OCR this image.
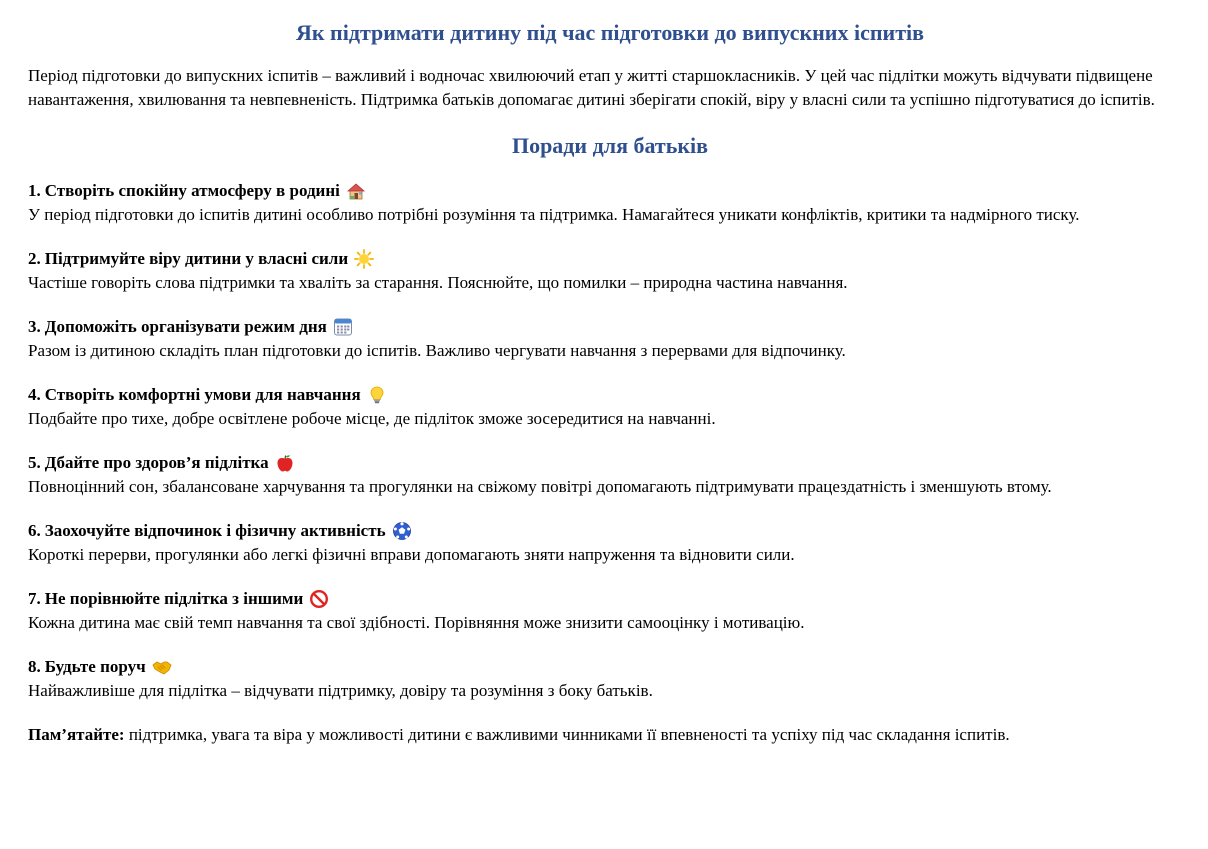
Як підтримати дитину під час підготовки до випускних іспитів

Період підготовки до випускних іспитів – важливий і водночас хвилюючий етап у житті старшокласників. У цей час підлітки можуть відчувати підвищене навантаження, хвилювання та невпевненість. Підтримка батьків допомагає дитині зберігати спокій, віру у власні сили та успішно підготуватися до іспитів.

Поради для батьків
1. Створіть спокійну атмосферу в родині
У період підготовки до іспитів дитині особливо потрібні розуміння та підтримка. Намагайтеся уникати конфліктів, критики та надмірного тиску.
2. Підтримуйте віру дитини у власні сили
Частіше говоріть слова підтримки та хваліть за старання. Пояснюйте, що помилки – природна частина навчання.
3. Допоможіть організувати режим дня
Разом із дитиною складіть план підготовки до іспитів. Важливо чергувати навчання з перервами для відпочинку.
4. Створіть комфортні умови для навчання
Подбайте про тихе, добре освітлене робоче місце, де підліток зможе зосередитися на навчанні.
5. Дбайте про здоров’я підлітка
Повноцінний сон, збалансоване харчування та прогулянки на свіжому повітрі допомагають підтримувати працездатність і зменшують втому.
6. Заохочуйте відпочинок і фізичну активність
Короткі перерви, прогулянки або легкі фізичні вправи допомагають зняти напруження та відновити сили.
7. Не порівнюйте підлітка з іншими
Кожна дитина має свій темп навчання та свої здібності. Порівняння може знизити самооцінку і мотивацію.
8. Будьте поруч
Найважливіше для підлітка – відчувати підтримку, довіру та розуміння з боку батьків.
Пам’ятайте: підтримка, увага та віра у можливості дитини є важливими чинниками її впевненості та успіху під час складання іспитів.
